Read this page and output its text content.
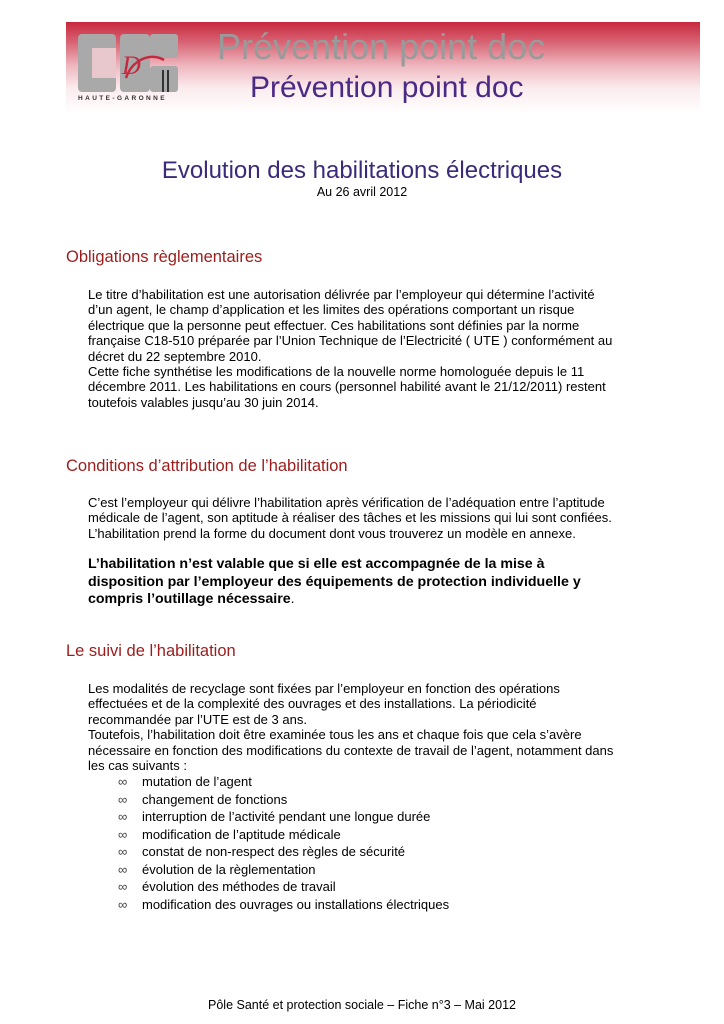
D
HAUTE-GARONNE
Prévention point doc
Prévention point doc
Evolution des habilitations électriques
Au 26 avril 2012
Obligations règlementaires
Le titre d’habilitation est une autorisation délivrée par l’employeur qui détermine l’activité
d’un agent, le champ d’application et les limites des opérations comportant un risque
électrique que la personne peut effectuer. Ces habilitations sont définies par la norme
française C18-510 préparée par l’Union Technique de l’Electricité ( UTE ) conformément au
décret du 22 septembre 2010.
Cette fiche synthétise les modifications de la nouvelle norme homologuée depuis le 11
décembre 2011. Les habilitations en cours (personnel habilité avant le 21/12/2011) restent
toutefois valables jusqu’au 30 juin 2014.
Conditions d’attribution de l’habilitation
C’est l’employeur qui délivre l’habilitation après vérification de l’adéquation entre l’aptitude
médicale de l’agent, son aptitude à réaliser des tâches et les missions qui lui sont confiées.
L’habilitation prend la forme du document dont vous trouverez un modèle en annexe.
L’habilitation n’est valable que si elle est accompagnée de la mise à
disposition par l’employeur des équipements de protection individuelle y
compris l’outillage nécessaire.
Le suivi de l’habilitation
Les modalités de recyclage sont fixées par l’employeur en fonction des opérations
effectuées et de la complexité des ouvrages et des installations. La périodicité
recommandée par l’UTE est de 3 ans.
Toutefois, l’habilitation doit être examinée tous les ans et chaque fois que cela s’avère
nécessaire en fonction des modifications du contexte de travail de l’agent, notamment dans
les cas suivants :
∞	mutation de l’agent
∞	changement de fonctions
∞	interruption de l’activité pendant une longue durée
∞	modification de l’aptitude médicale
∞	constat de non-respect des règles de sécurité
∞	évolution de la règlementation
∞	évolution des méthodes de travail
∞	modification des ouvrages ou installations électriques
Pôle Santé et protection sociale – Fiche n°3 – Mai 2012
